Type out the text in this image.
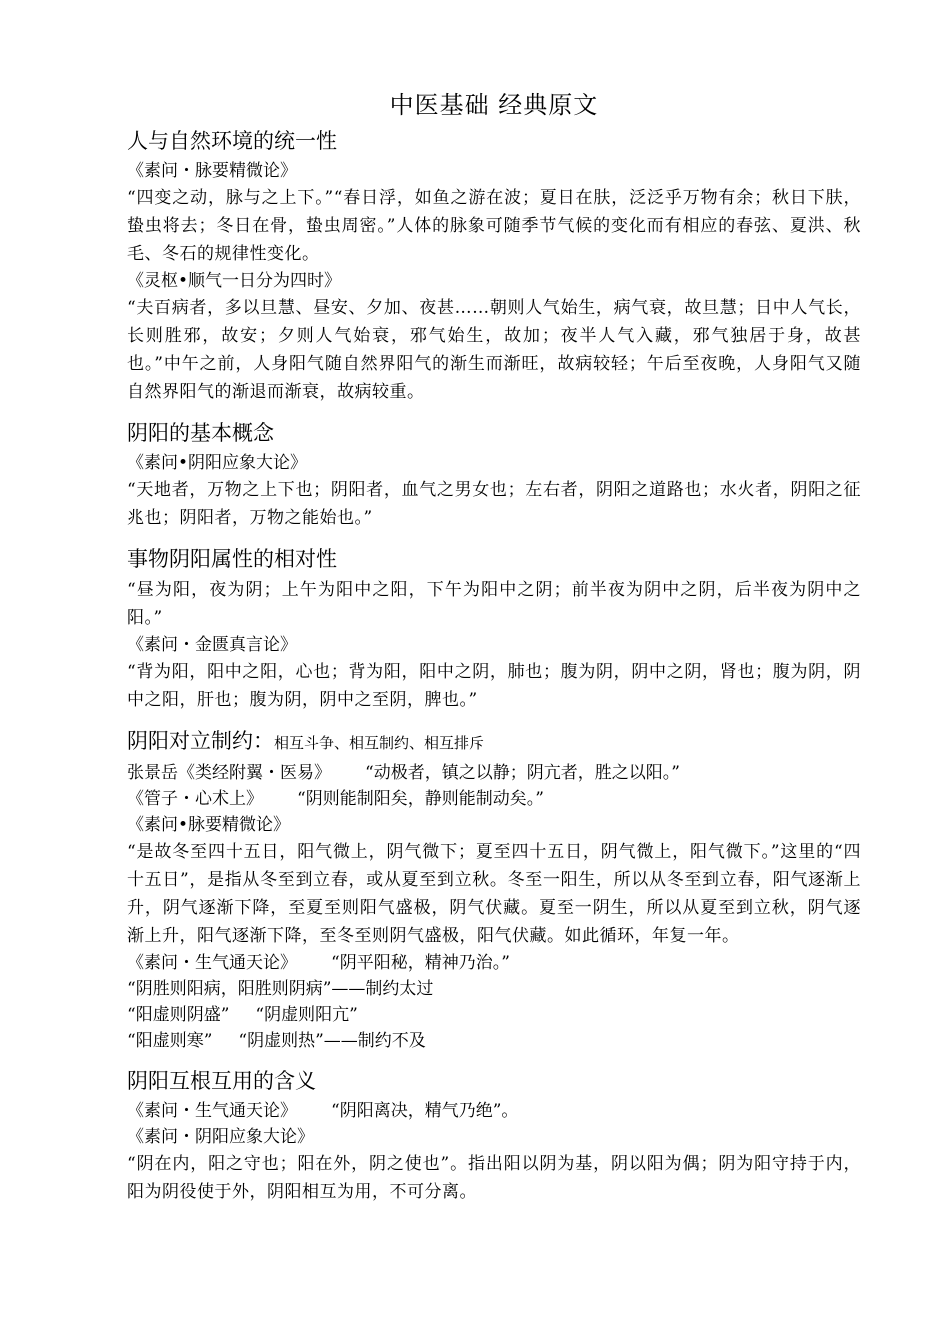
中医基础 经典原文
人与自然环境的统一性

《素问・脉要精微论》

“四变之动，脉与之上下。”“春日浮，如鱼之游在波；夏日在肤，泛泛乎万物有余；秋日下肤，蛰虫将去；冬日在骨，蛰虫周密。”人体的脉象可随季节气候的变化而有相应的春弦、夏洪、秋毛、冬石的规律性变化。

《灵枢•顺气一日分为四时》

“夫百病者，多以旦慧、昼安、夕加、夜甚……朝则人气始生，病气衰，故旦慧；日中人气长，长则胜邪，故安；夕则人气始衰，邪气始生，故加；夜半人气入藏，邪气独居于身，故甚也。”中午之前，人身阳气随自然界阳气的渐生而渐旺，故病较轻；午后至夜晚，人身阳气又随自然界阳气的渐退而渐衰，故病较重。

阴阳的基本概念

《素问•阴阳应象大论》

“天地者，万物之上下也；阴阳者，血气之男女也；左右者，阴阳之道路也；水火者，阴阳之征兆也；阴阳者，万物之能始也。”

事物阴阳属性的相对性

“昼为阳，夜为阴；上午为阳中之阳，下午为阳中之阴；前半夜为阴中之阴，后半夜为阴中之阳。”

《素问・金匮真言论》

“背为阳，阳中之阳，心也；背为阳，阳中之阴，肺也；腹为阴，阴中之阴，肾也；腹为阴，阴中之阳，肝也；腹为阴，阴中之至阴，脾也。”

阴阳对立制约：相互斗争、相互制约、相互排斥

张景岳《类经附翼・医易》 “动极者，镇之以静；阴亢者，胜之以阳。”

《管子・心术上》 “阴则能制阳矣，静则能制动矣。”

《素问•脉要精微论》

“是故冬至四十五日，阳气微上，阴气微下；夏至四十五日，阴气微上，阳气微下。”这里的“四十五日”，是指从冬至到立春，或从夏至到立秋。冬至一阳生，所以从冬至到立春，阳气逐渐上升，阴气逐渐下降，至夏至则阳气盛极，阴气伏藏。夏至一阴生，所以从夏至到立秋，阴气逐渐上升，阳气逐渐下降，至冬至则阴气盛极，阳气伏藏。如此循环，年复一年。

《素问・生气通天论》 “阴平阳秘，精神乃治。”

“阴胜则阳病，阳胜则阴病”——制约太过

“阳虚则阴盛” “阴虚则阳亢”

“阳虚则寒” “阴虚则热”——制约不及

阴阳互根互用的含义

《素问・生气通天论》 “阴阳离决，精气乃绝”。

《素问・阴阳应象大论》

“阴在内，阳之守也；阳在外，阴之使也”。指出阳以阴为基，阴以阳为偶；阴为阳守持于内，阳为阴役使于外，阴阳相互为用，不可分离。
